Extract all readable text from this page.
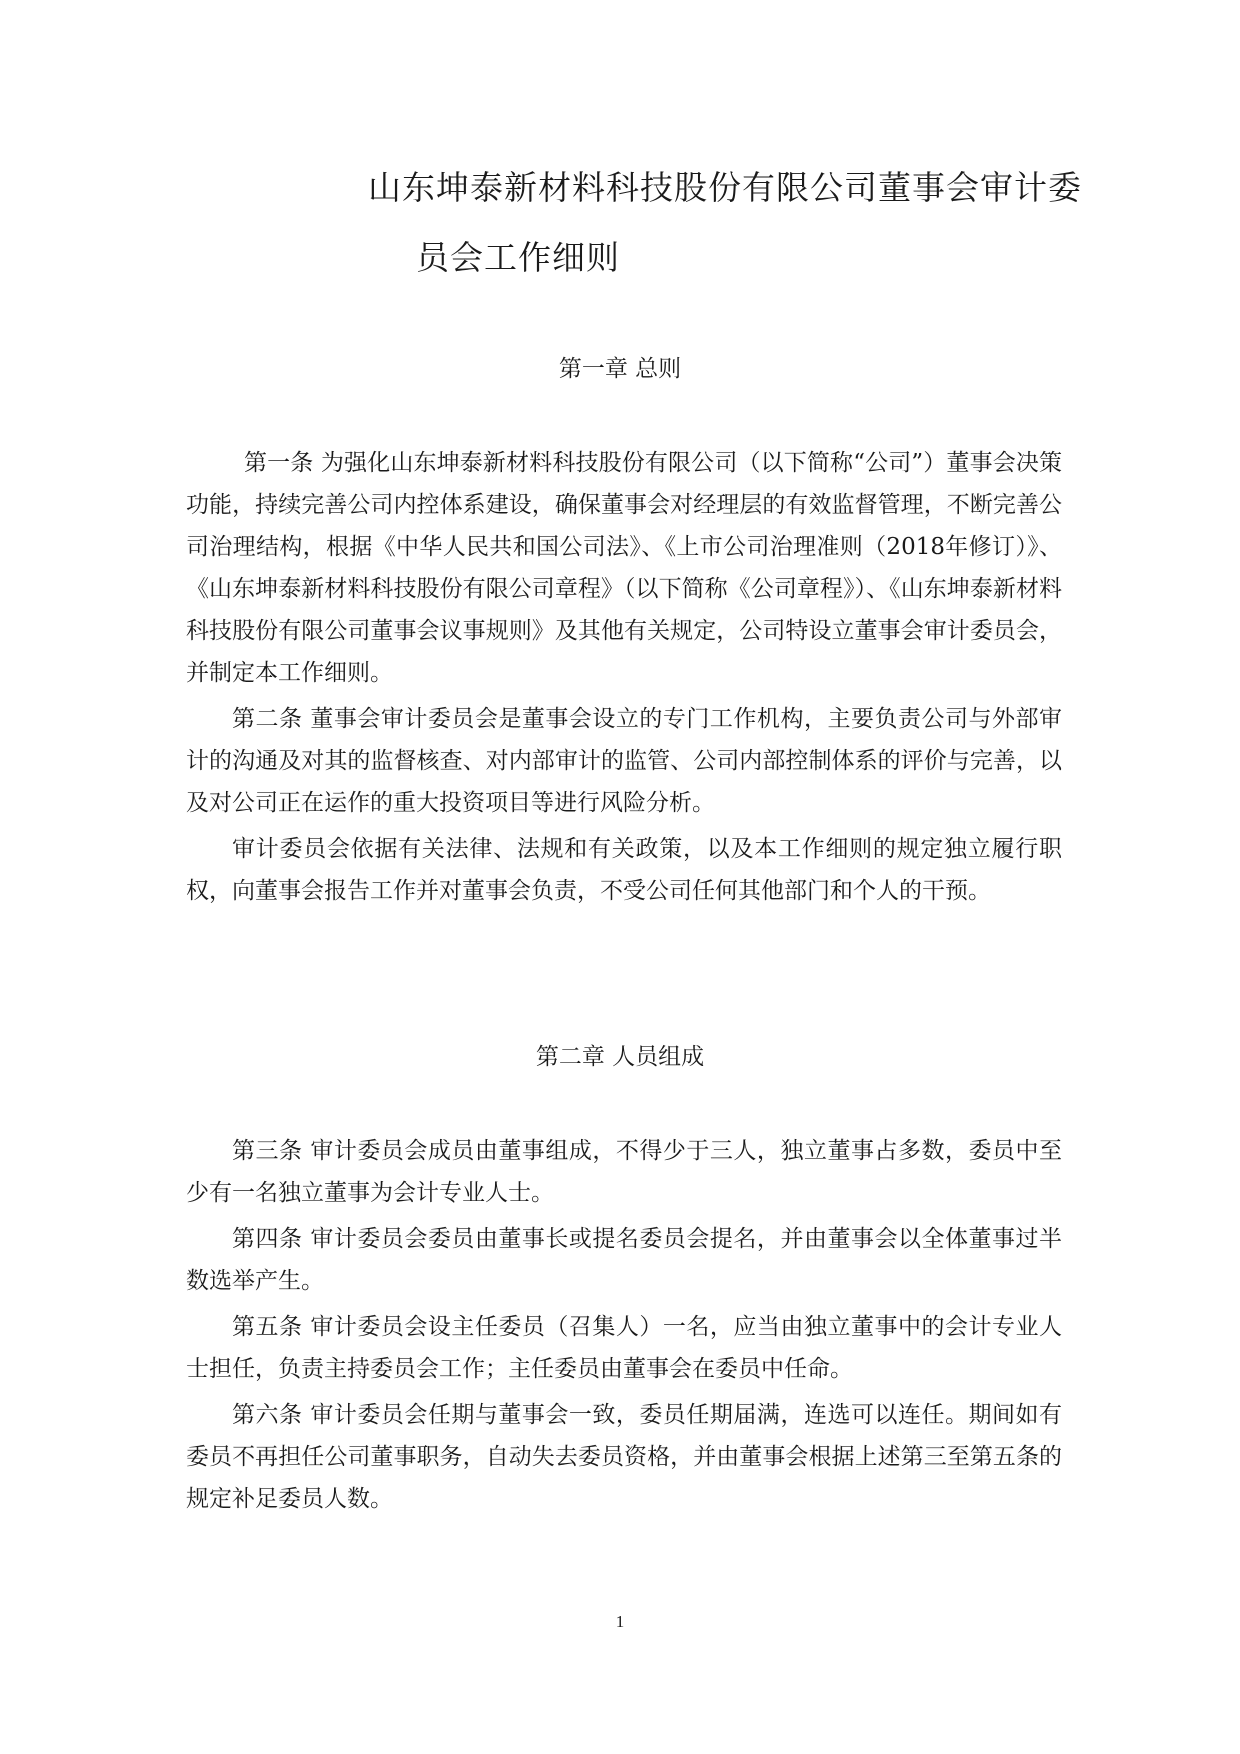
山东坤泰新材料科技股份有限公司董事会审计委
员会工作细则
第一章 总则

第一条 为强化山东坤泰新材料科技股份有限公司（以下简称“公司”）董事会决策功能，持续完善公司内控体系建设，确保董事会对经理层的有效监督管理，不断完善公司治理结构，根据《中华人民共和国公司法》、《上市公司治理准则（2018年修订）》、《山东坤泰新材料科技股份有限公司章程》（以下简称《公司章程》）、《山东坤泰新材料科技股份有限公司董事会议事规则》及其他有关规定，公司特设立董事会审计委员会，并制定本工作细则。

第二条 董事会审计委员会是董事会设立的专门工作机构，主要负责公司与外部审计的沟通及对其的监督核查、对内部审计的监管、公司内部控制体系的评价与完善，以及对公司正在运作的重大投资项目等进行风险分析。

审计委员会依据有关法律、法规和有关政策，以及本工作细则的规定独立履行职权，向董事会报告工作并对董事会负责，不受公司任何其他部门和个人的干预。

第二章 人员组成

第三条 审计委员会成员由董事组成，不得少于三人，独立董事占多数，委员中至少有一名独立董事为会计专业人士。

第四条 审计委员会委员由董事长或提名委员会提名，并由董事会以全体董事过半数选举产生。

第五条 审计委员会设主任委员（召集人）一名，应当由独立董事中的会计专业人士担任，负责主持委员会工作；主任委员由董事会在委员中任命。

第六条 审计委员会任期与董事会一致，委员任期届满，连选可以连任。期间如有委员不再担任公司董事职务，自动失去委员资格，并由董事会根据上述第三至第五条的规定补足委员人数。

1
